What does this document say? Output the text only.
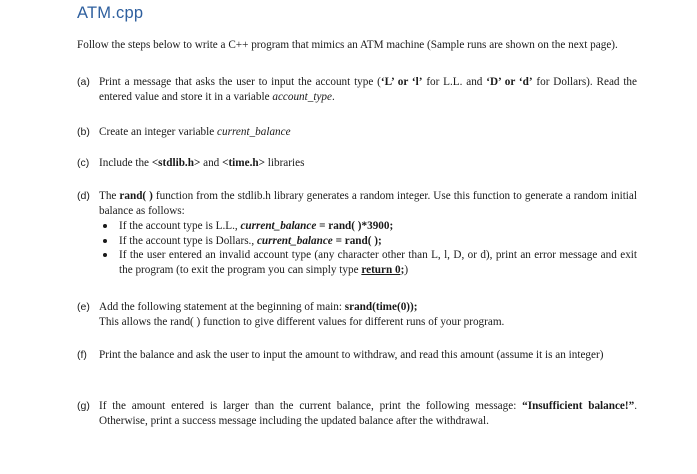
ATM.cpp
Follow the steps below to write a C++ program that mimics an ATM machine (Sample runs are shown on the next page).
(a) Print a message that asks the user to input the account type (‘L’ or ‘l’ for L.L. and ‘D’ or ‘d’ for Dollars). Read the entered value and store it in a variable account_type.
(b) Create an integer variable current_balance
(c) Include the <stdlib.h> and <time.h> libraries
(d) The rand( ) function from the stdlib.h library generates a random integer. Use this function to generate a random initial balance as follows:
If the account type is L.L., current_balance = rand( )*3900;
If the account type is Dollars., current_balance = rand( );
If the user entered an invalid account type (any character other than L, l, D, or d), print an error message and exit the program (to exit the program you can simply type return 0;)
(e) Add the following statement at the beginning of main: srand(time(0));
This allows the rand( ) function to give different values for different runs of your program.
(f) Print the balance and ask the user to input the amount to withdraw, and read this amount (assume it is an integer)
(g) If the amount entered is larger than the current balance, print the following message: “Insufficient balance!”. Otherwise, print a success message including the updated balance after the withdrawal.
